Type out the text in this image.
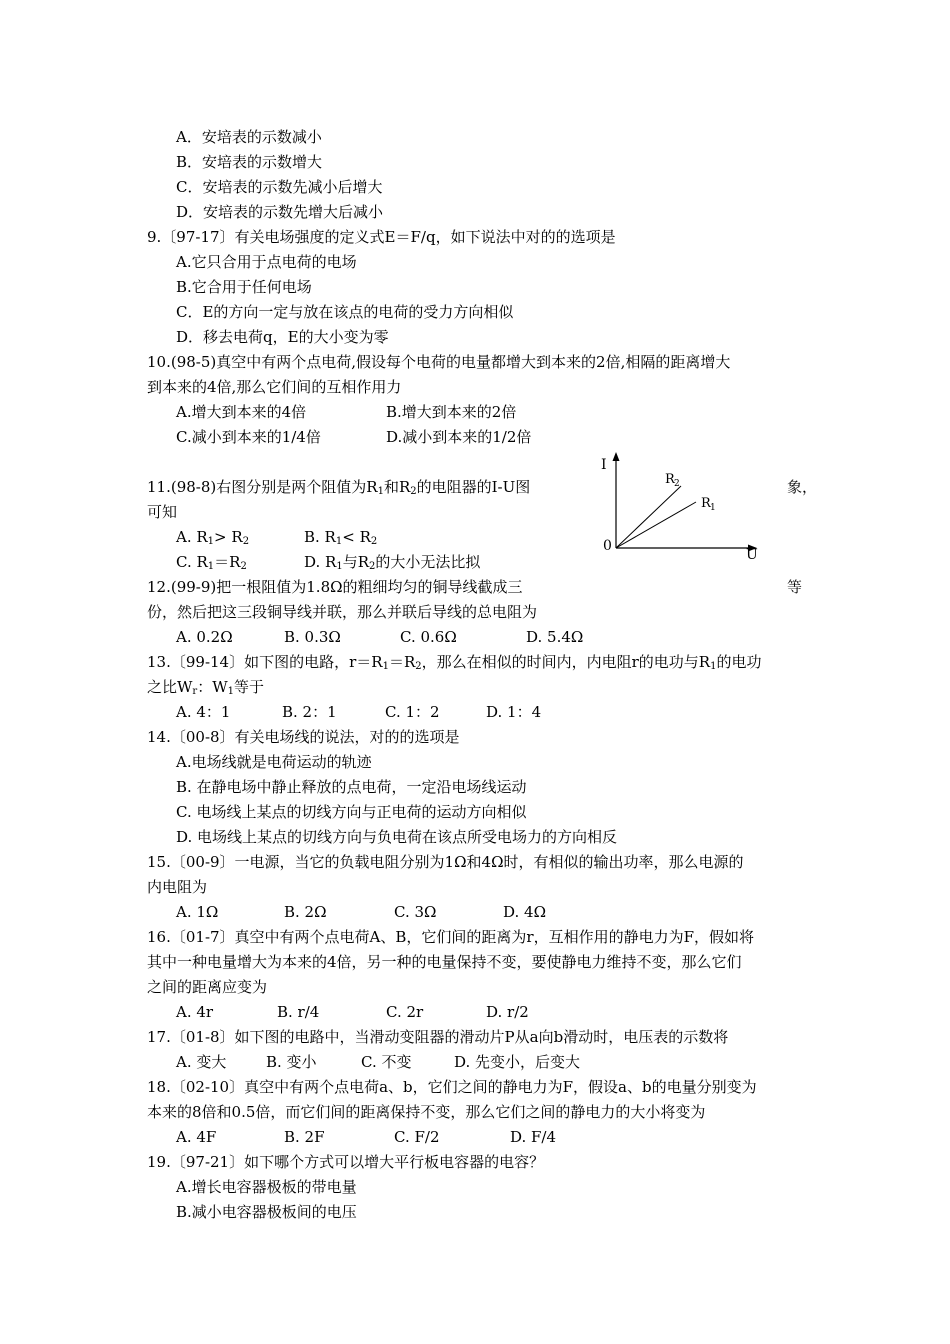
A．安培表的示数减小
B．安培表的示数增大
C．安培表的示数先减小后增大
D．安培表的示数先增大后减小
9.〔97-17〕有关电场强度的定义式E＝F/q，如下说法中对的的选项是
A.它只合用于点电荷的电场
B.它合用于任何电场
C．E的方向一定与放在该点的电荷的受力方向相似
D．移去电荷q，E的大小变为零
10.(98-5)真空中有两个点电荷,假设每个电荷的电量都增大到本来的2倍,相隔的距离增大
到本来的4倍,那么它们间的互相作用力
A.增大到本来的4倍	B.增大到本来的2倍
C.减小到本来的1/4倍	D.减小到本来的1/2倍
11.(98-8)右图分别是两个阻值为$R_1$和$R_2$的电阻器的I-U图	象，
可知
A. $R_1> R_2$	B. $R_1< R_2$
C. $R_1=R_2$	D. $R_1$与$R_2$的大小无法比拟
I
U
0
R 2
R 1
12.(99-9)把一根阻值为1.8Ω的粗细均匀的铜导线截成三	等
份，然后把这三段铜导线并联，那么并联后导线的总电阻为
A. 0.2Ω	B. 0.3Ω	C. 0.6Ω	D. 5.4Ω
13.〔99-14〕如下图的电路，$r=R_1=R_2$，那么在相似的时间内，内电阻r的电功与$R_1$的电功
之比$W_r$：$W_1$等于
A. 4：1	B. 2：1	C. 1：2	D. 1：4
14.〔00-8〕有关电场线的说法，对的的选项是
A.电场线就是电荷运动的轨迹
B. 在静电场中静止释放的点电荷，一定沿电场线运动
C. 电场线上某点的切线方向与正电荷的运动方向相似
D. 电场线上某点的切线方向与负电荷在该点所受电场力的方向相反
15.〔00-9〕一电源，当它的负载电阻分别为1Ω和4Ω时，有相似的输出功率，那么电源的
内电阻为
A. 1Ω	B. 2Ω	C. 3Ω	D. 4Ω
16.〔01-7〕真空中有两个点电荷A、B，它们间的距离为r，互相作用的静电力为F，假如将
其中一种电量增大为本来的4倍，另一种的电量保持不变，要使静电力维持不变，那么它们
之间的距离应变为
A. 4r	B. r/4	C. 2r	D. r/2
17.〔01-8〕如下图的电路中，当滑动变阻器的滑动片P从a向b滑动时，电压表的示数将
A. 变大	B. 变小	C. 不变	D. 先变小，后变大
18.〔02-10〕真空中有两个点电荷a、b，它们之间的静电力为F，假设a、b的电量分别变为
本来的8倍和0.5倍，而它们间的距离保持不变，那么它们之间的静电力的大小将变为
A. 4F	B. 2F	C. F/2	D. F/4
19.〔97-21〕如下哪个方式可以增大平行板电容器的电容？
A.增长电容器极板的带电量
B.减小电容器极板间的电压
